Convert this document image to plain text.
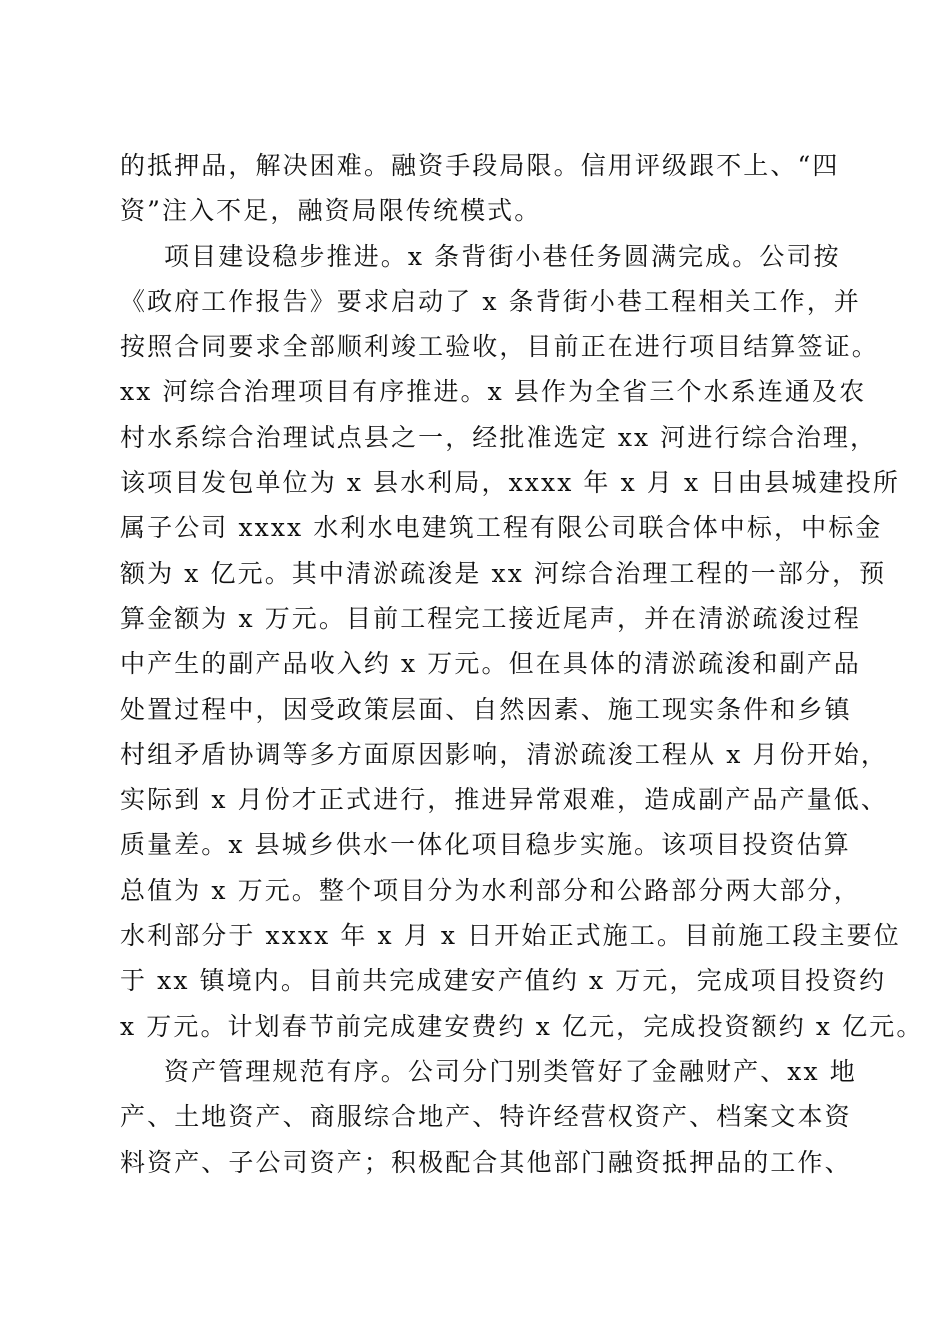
的抵押品，解决困难。融资手段局限。信用评级跟不上、“四
资”注入不足，融资局限传统模式。

项目建设稳步推进。x 条背街小巷任务圆满完成。公司按
《政府工作报告》要求启动了 x 条背街小巷工程相关工作，并
按照合同要求全部顺利竣工验收，目前正在进行项目结算签证。
xx 河综合治理项目有序推进。x 县作为全省三个水系连通及农
村水系综合治理试点县之一，经批准选定 xx 河进行综合治理，
该项目发包单位为 x 县水利局，xxxx 年 x 月 x 日由县城建投所
属子公司 xxxx 水利水电建筑工程有限公司联合体中标，中标金
额为 x 亿元。其中清淤疏浚是 xx 河综合治理工程的一部分，预
算金额为 x 万元。目前工程完工接近尾声，并在清淤疏浚过程
中产生的副产品收入约 x 万元。但在具体的清淤疏浚和副产品
处置过程中，因受政策层面、自然因素、施工现实条件和乡镇
村组矛盾协调等多方面原因影响，清淤疏浚工程从 x 月份开始，
实际到 x 月份才正式进行，推进异常艰难，造成副产品产量低、
质量差。x 县城乡供水一体化项目稳步实施。该项目投资估算
总值为 x 万元。整个项目分为水利部分和公路部分两大部分，
水利部分于 xxxx 年 x 月 x 日开始正式施工。目前施工段主要位
于 xx 镇境内。目前共完成建安产值约 x 万元，完成项目投资约
x 万元。计划春节前完成建安费约 x 亿元，完成投资额约 x 亿元。

资产管理规范有序。公司分门别类管好了金融财产、xx 地
产、土地资产、商服综合地产、特许经营权资产、档案文本资
料资产、子公司资产；积极配合其他部门融资抵押品的工作、
